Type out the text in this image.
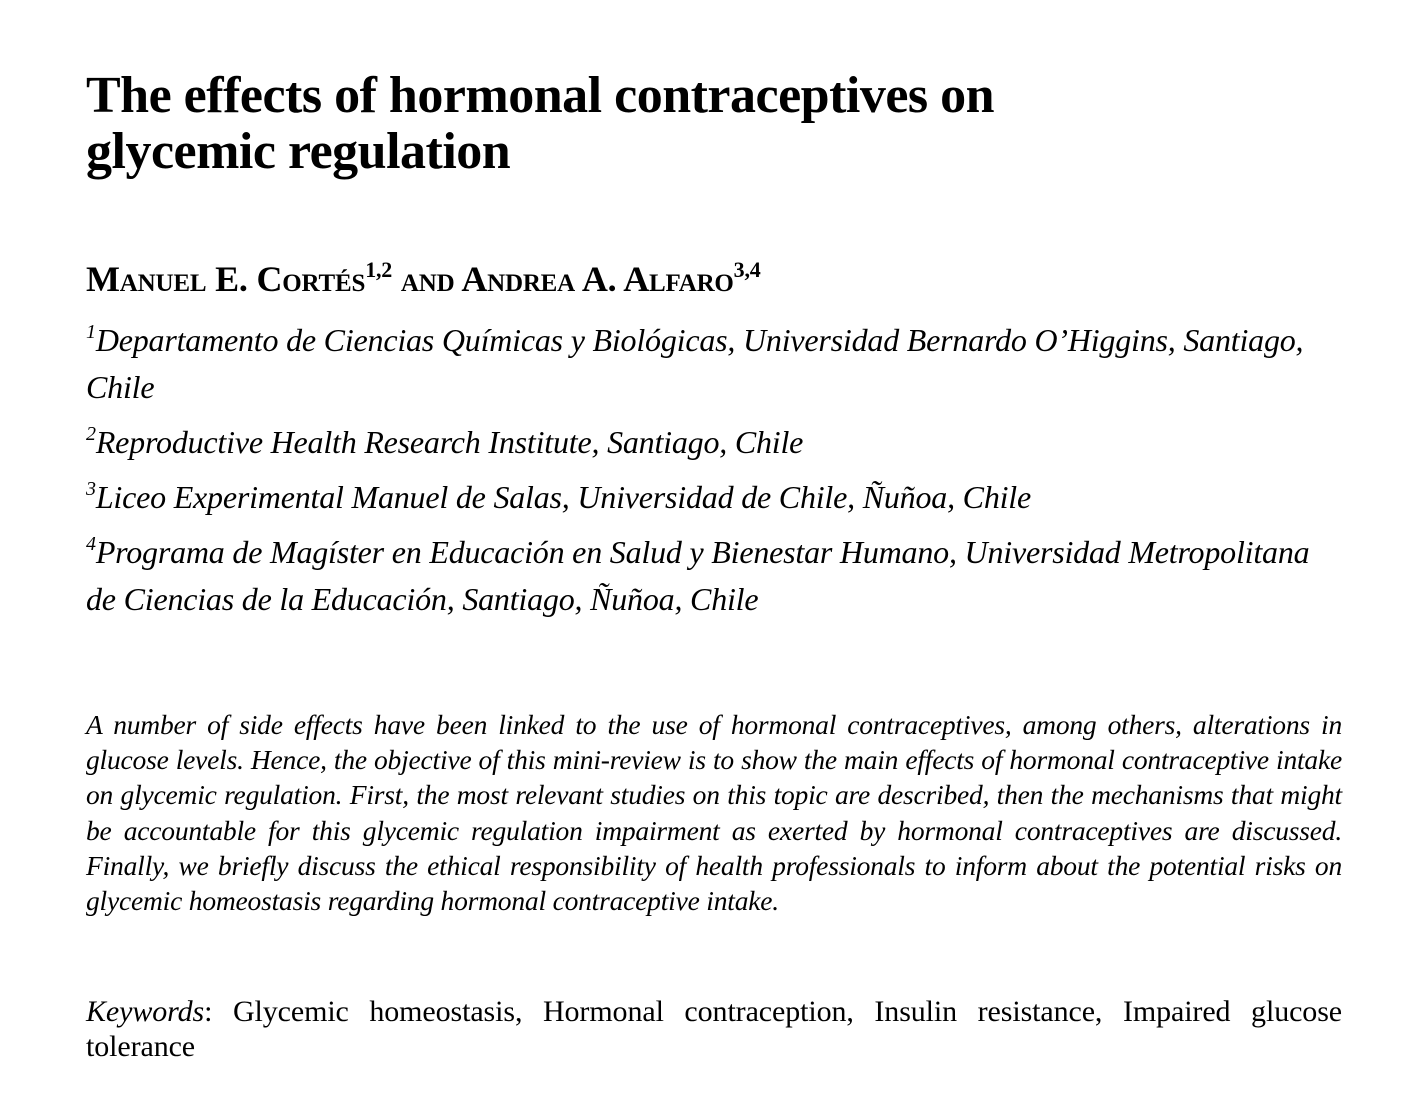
The effects of hormonal contraceptives on
glycemic regulation

Manuel E. Cortés$^{1,2}$ and Andrea A. Alfaro$^{3,4}$

$^1$Departamento de Ciencias Químicas y Biológicas, Universidad Bernardo O’Higgins, Santiago, Chile
$^2$Reproductive Health Research Institute, Santiago, Chile
$^3$Liceo Experimental Manuel de Salas, Universidad de Chile, Ñuñoa, Chile
$^4$Programa de Magíster en Educación en Salud y Bienestar Humano, Universidad Metropolitana de Ciencias de la Educación, Santiago, Ñuñoa, Chile

A number of side effects have been linked to the use of hormonal contraceptives, among others, alterations in glucose levels. Hence, the objective of this mini-review is to show the main effects of hormonal contraceptive intake on glycemic regulation. First, the most relevant studies on this topic are described, then the mechanisms that might be accountable for this glycemic regulation impairment as exerted by hormonal contraceptives are discussed. Finally, we briefly discuss the ethical responsibility of health professionals to inform about the potential risks on glycemic homeostasis regarding hormonal contraceptive intake.

Keywords: Glycemic homeostasis, Hormonal contraception, Insulin resistance, Impaired glucose tolerance
